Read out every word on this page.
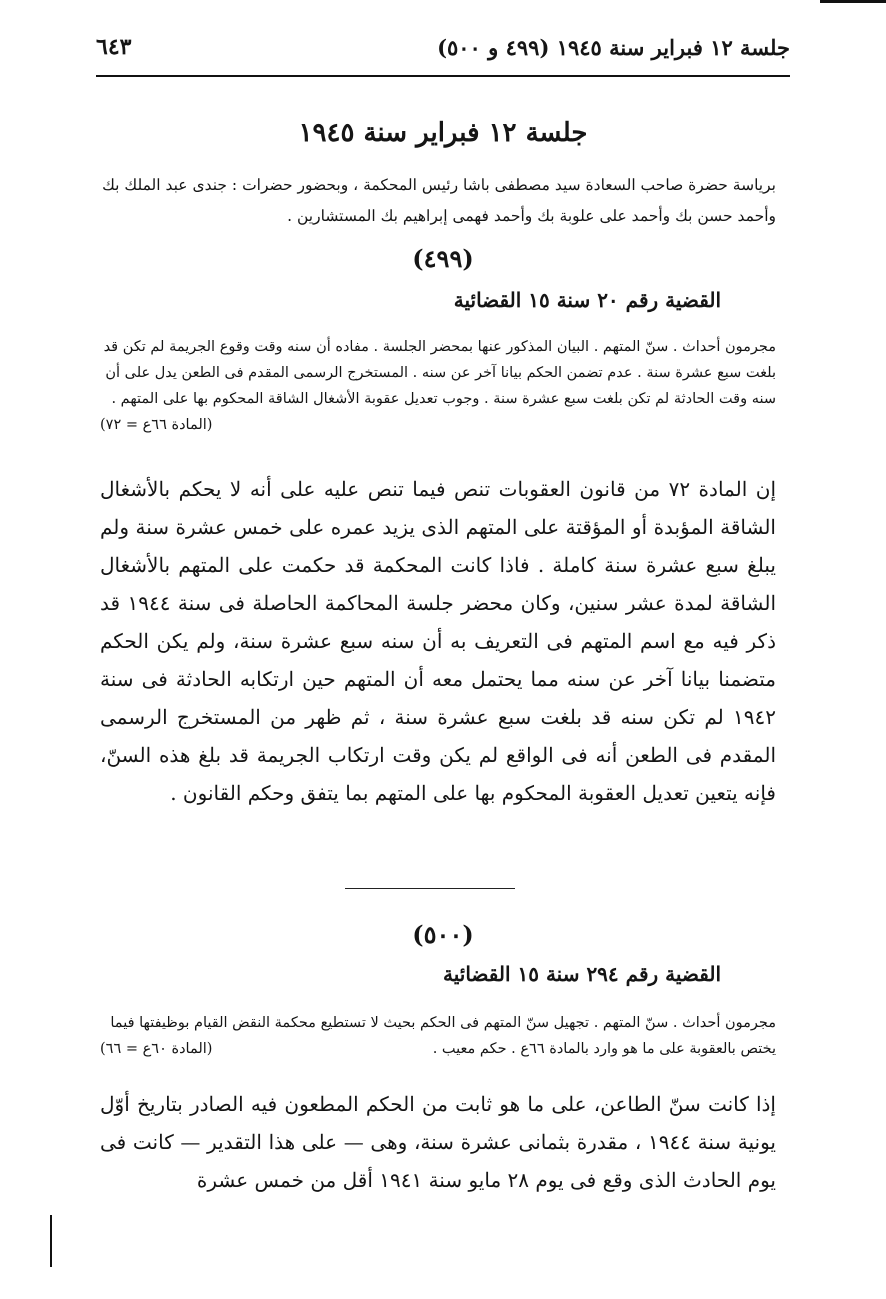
جلسة ١٢ فبراير سنة ١٩٤٥ (٤٩٩ و ٥٠٠)
٦٤٣
جلسة ١٢ فبراير سنة ١٩٤٥
برياسة حضرة صاحب السعادة سيد مصطفى باشا رئيس المحكمة ، وبحضور حضرات : جندى عبد الملك بك وأحمد حسن بك وأحمد على علوبة بك وأحمد فهمى إبراهيم بك المستشارين .
(٤٩٩)
القضية رقم ٢٠ سنة ١٥ القضائية
مجرمون أحداث . سنّ المتهم . البيان المذكور عنها بمحضر الجلسة . مفاده أن سنه وقت وقوع الجريمة لم تكن قد بلغت سبع عشرة سنة . عدم تضمن الحكم بيانا آخر عن سنه . المستخرج الرسمى المقدم فى الطعن يدل على أن سنه وقت الحادثة لم تكن بلغت سبع عشرة سنة . وجوب تعديل عقوبة الأشغال الشاقة المحكوم بها على المتهم .
(المادة ٦٦ع = ٧٢)
إن المادة ٧٢ من قانون العقوبات تنص فيما تنص عليه على أنه لا يحكم بالأشغال الشاقة المؤبدة أو المؤقتة على المتهم الذى يزيد عمره على خمس عشرة سنة ولم يبلغ سبع عشرة سنة كاملة . فاذا كانت المحكمة قد حكمت على المتهم بالأشغال الشاقة لمدة عشر سنين، وكان محضر جلسة المحاكمة الحاصلة فى سنة ١٩٤٤ قد ذكر فيه مع اسم المتهم فى التعريف به أن سنه سبع عشرة سنة، ولم يكن الحكم متضمنا بيانا آخر عن سنه مما يحتمل معه أن المتهم حين ارتكابه الحادثة فى سنة ١٩٤٢ لم تكن سنه قد بلغت سبع عشرة سنة ، ثم ظهر من المستخرج الرسمى المقدم فى الطعن أنه فى الواقع لم يكن وقت ارتكاب الجريمة قد بلغ هذه السنّ، فإنه يتعين تعديل العقوبة المحكوم بها على المتهم بما يتفق وحكم القانون .
(٥٠٠)
القضية رقم ٢٩٤ سنة ١٥ القضائية
مجرمون أحداث . سنّ المتهم . تجهيل سنّ المتهم فى الحكم بحيث لا تستطيع محكمة النقض القيام بوظيفتها فيما يختص بالعقوبة على ما هو وارد بالمادة ٦٦ع . حكم معيب .
(المادة ٦٠ع = ٦٦)
إذا كانت سنّ الطاعن، على ما هو ثابت من الحكم المطعون فيه الصادر بتاريخ أوّل يونية سنة ١٩٤٤ ، مقدرة بثمانى عشرة سنة، وهى — على هذا التقدير — كانت فى يوم الحادث الذى وقع فى يوم ٢٨ مايو سنة ١٩٤١ أقل من خمس عشرة
